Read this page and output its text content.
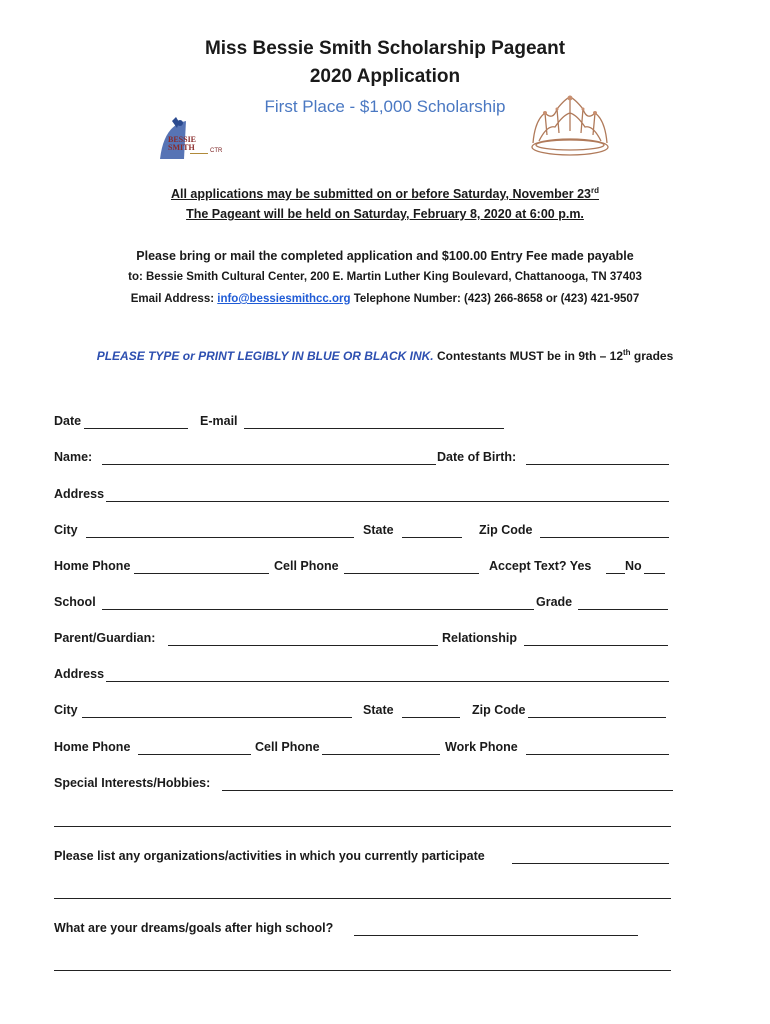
Miss Bessie Smith Scholarship Pageant
2020 Application
First Place - $1,000 Scholarship
BESSIE
SMITH	CTR
All applications may be submitted on or before Saturday, November 23rd
The Pageant will be held on Saturday, February 8, 2020 at 6:00 p.m.
Please bring or mail the completed application and $100.00 Entry Fee made payable
to: Bessie Smith Cultural Center, 200 E. Martin Luther King Boulevard, Chattanooga, TN 37403
Email Address: info@bessiesmithcc.org Telephone Number: (423) 266-8658 or (423) 421-9507
PLEASE TYPE or PRINT LEGIBLY IN BLUE OR BLACK INK. Contestants MUST be in 9th – 12th grades
Date	E-mail
Name:	Date of Birth:
Address
City	State	Zip Code
Home Phone	Cell Phone	Accept Text? Yes	No
School	Grade
Parent/Guardian:	Relationship
Address
City	State	Zip Code
Home Phone	Cell Phone	Work Phone
Special Interests/Hobbies:
Please list any organizations/activities in which you currently participate
What are your dreams/goals after high school?
